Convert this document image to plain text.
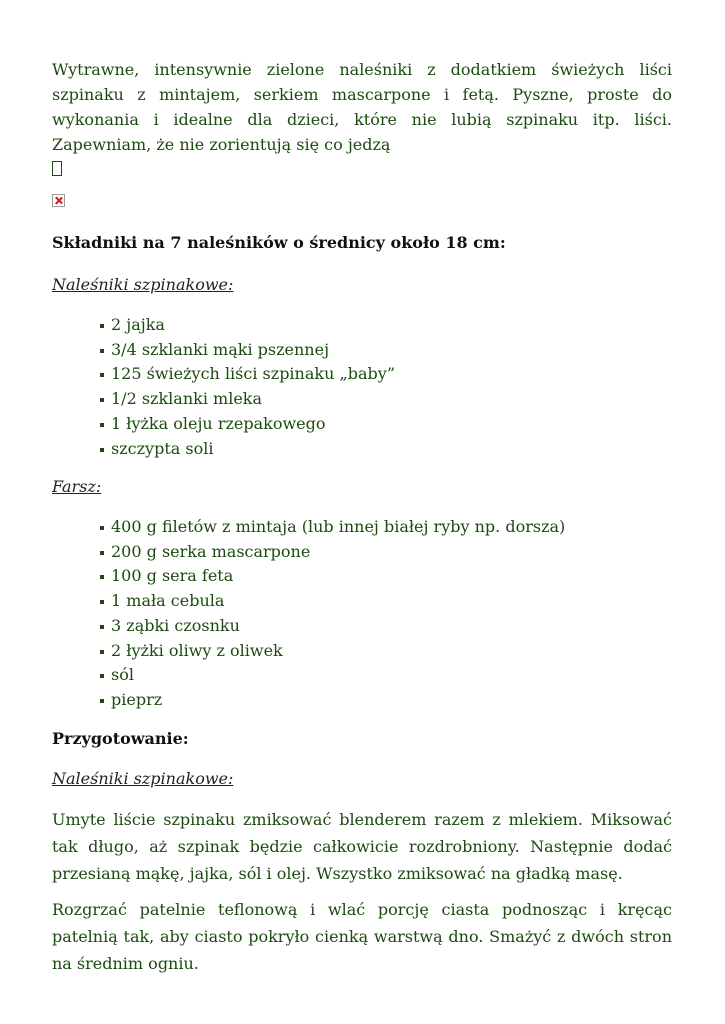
Wytrawne, intensywnie zielone naleśniki z dodatkiem świeżych liści szpinaku z mintajem, serkiem mascarpone i fetą. Pyszne, proste do wykonania i idealne dla dzieci, które nie lubią szpinaku itp. liści. Zapewniam, że nie zorientują się co jedzą

Składniki na 7 naleśników o średnicy około 18 cm:

Naleśniki szpinakowe:

2 jajka
3/4 szklanki mąki pszennej
125 świeżych liści szpinaku „baby”
1/2 szklanki mleka
1 łyżka oleju rzepakowego
szczypta soli

Farsz:

400 g filetów z mintaja (lub innej białej ryby np. dorsza)
200 g serka mascarpone
100 g sera feta
1 mała cebula
3 ząbki czosnku
2 łyżki oliwy z oliwek
sól
pieprz

Przygotowanie:

Naleśniki szpinakowe:

Umyte liście szpinaku zmiksować blenderem razem z mlekiem. Miksować tak długo, aż szpinak będzie całkowicie rozdrobniony. Następnie dodać przesianą mąkę, jajka, sól i olej. Wszystko zmiksować na gładką masę.

Rozgrzać patelnie teflonową i wlać porcję ciasta podnosząc i kręcąc patelnią tak, aby ciasto pokryło cienką warstwą dno. Smażyć z dwóch stron na średnim ogniu.
